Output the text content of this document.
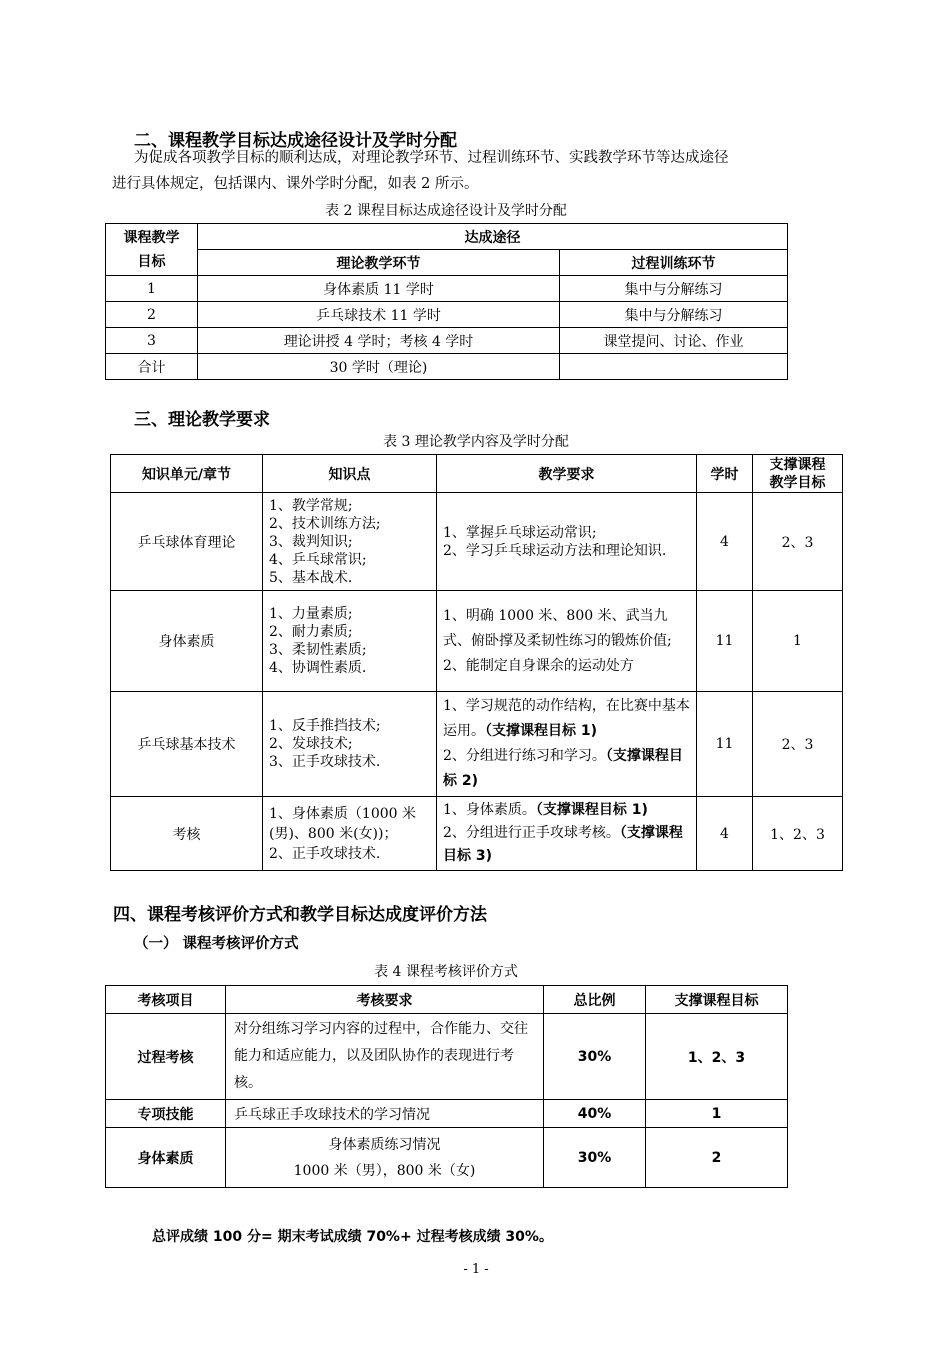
二、课程教学目标达成途径设计及学时分配
为促成各项教学目标的顺利达成，对理论教学环节、过程训练环节、实践教学环节等达成途径
进行具体规定，包括课内、课外学时分配，如表 2 所示。
表 2 课程目标达成途径设计及学时分配
课程教学
目标	达成途径	
	理论教学环节	过程训练环节
1	身体素质 11 学时	集中与分解练习
2	乒乓球技术 11 学时	集中与分解练习
3	理论讲授 4 学时；考核 4 学时	课堂提问、讨论、作业
合计	30 学时（理论)	
三、理论教学要求
表 3 理论教学内容及学时分配
知识单元/章节	知识点	教学要求	学时	支撑课程
教学目标

乒乓球体育理论	1、教学常规;
2、技术训练方法;
3、裁判知识;
4、乒乓球常识;
5、基本战术.	1、掌握乒乓球运动常识;
2、学习乒乓球运动方法和理论知识.	4	2、3
身体素质	1、力量素质;
2、耐力素质;
3、柔韧性素质;
4、协调性素质.	1、明确 1000 米、800 米、武当九式、俯卧撑及柔韧性练习的锻炼价值;
2、能制定自身课余的运动处方	11	1
乒乓球基本技术	1、反手推挡技术;
2、发球技术;
3、正手攻球技术.	1、学习规范的动作结构，在比赛中基本运用。（支撑课程目标 1)
2、分组进行练习和学习。（支撑课程目标 2)	11	2、3
考核	1、身体素质（1000 米(男)、800 米(女))；
2、正手攻球技术.	1、身体素质。（支撑课程目标 1)
2、分组进行正手攻球考核。（支撑课程目标 3)	4	1、2、3
四、课程考核评价方式和教学目标达成度评价方法
（一） 课程考核评价方式
表 4 课程考核评价方式
考核项目	考核要求	总比例	支撑课程目标
过程考核	对分组练习学习内容的过程中，合作能力、交往能力和适应能力，以及团队协作的表现进行考核。	30%	1、2、3
专项技能	乒乓球正手攻球技术的学习情况	40%	1
身体素质	身体素质练习情况
1000 米（男），800 米（女)	30%	2
总评成绩 100 分= 期末考试成绩 70%+ 过程考核成绩 30%。
- 1 -
